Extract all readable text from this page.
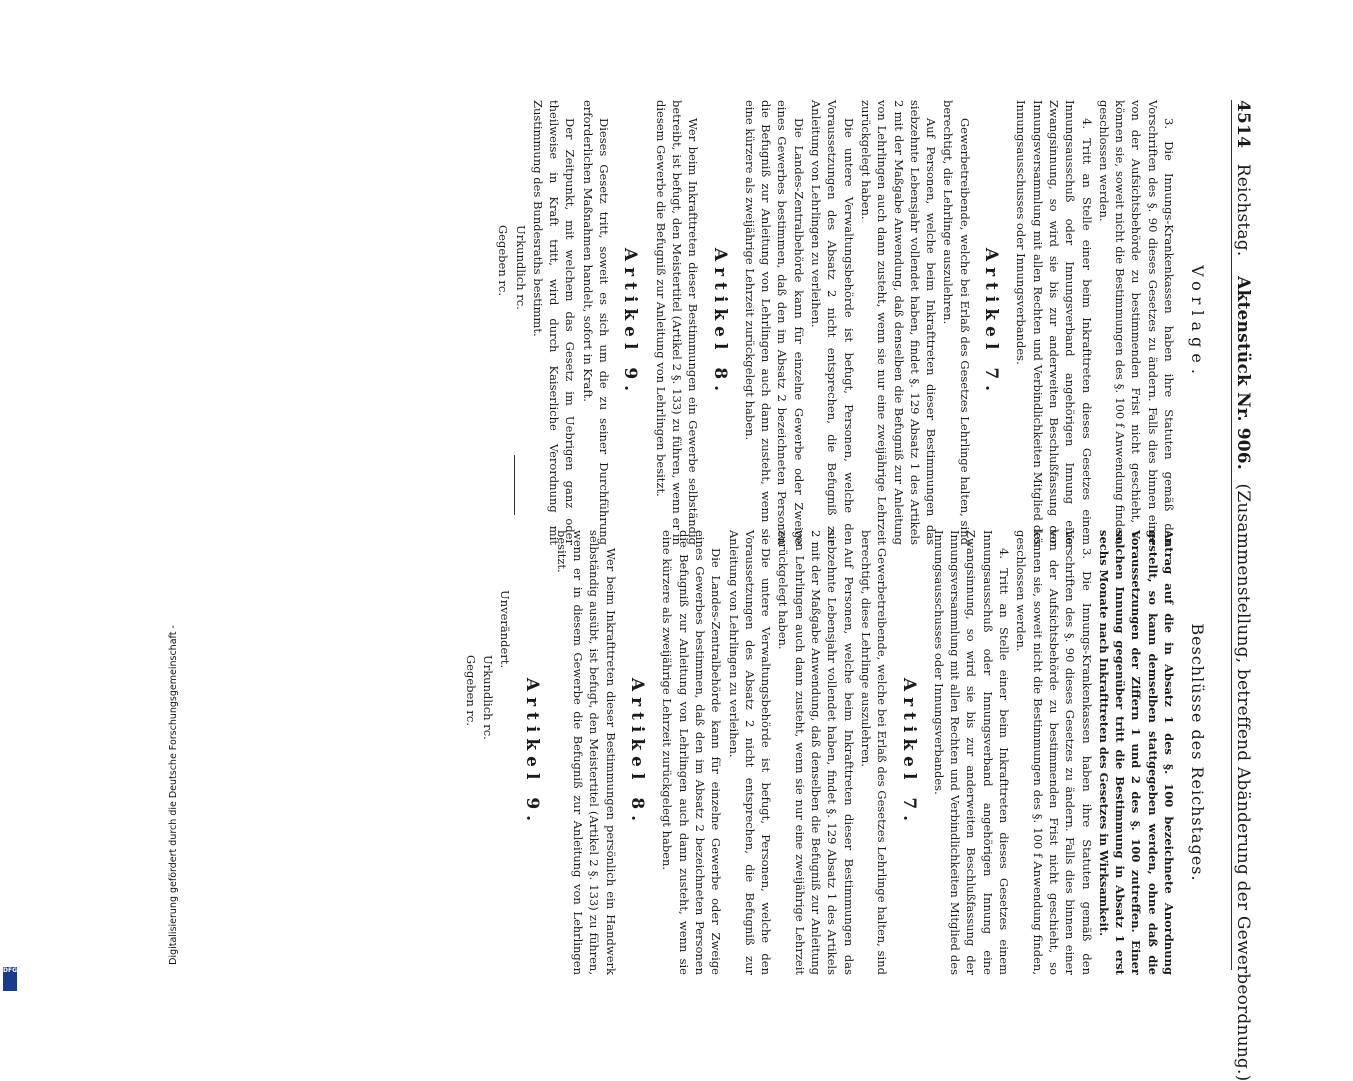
4514 Reichstag. Aktenstück Nr. 906. (Zusammenstellung, betreffend Abänderung der Gewerbeordnung.)
Vorlage.

3. Die Innungs-Krankenkassen haben ihre Statuten gemäß den Vorschriften des §. 90 dieses Gesetzes zu ändern. Falls dies binnen einer von der Aufsichtsbehörde zu bestimmenden Frist nicht geschieht, so können sie, soweit nicht die Bestimmungen des §. 100 f Anwendung finden, geschlossen werden.

4. Tritt an Stelle einer beim Inkrafttreten dieses Gesetzes einem Innungsausschuß oder Innungsverband angehörigen Innung eine Zwangsinnung, so wird sie bis zur anderweiten Beschlußfassung der Innungsversammlung mit allen Rechten und Verbindlichkeiten Mitglied des Innungsausschusses oder Innungsverbandes.

Artikel 7.

Gewerbetreibende, welche bei Erlaß des Gesetzes Lehrlinge halten, sind berechtigt, die Lehrlinge auszulehren.

Auf Personen, welche beim Inkrafttreten dieser Bestimmungen das siebzehnte Lebensjahr vollendet haben, findet §. 129 Absatz 1 des Artikels 2 mit der Maßgabe Anwendung, daß denselben die Befugniß zur Anleitung von Lehrlingen auch dann zusteht, wenn sie nur eine zweijährige Lehrzeit zurückgelegt haben.

Die untere Verwaltungsbehörde ist befugt, Personen, welche den Voraussetzungen des Absatz 2 nicht entsprechen, die Befugniß zur Anleitung von Lehrlingen zu verleihen.

Die Landes-Zentralbehörde kann für einzelne Gewerbe oder Zweige eines Gewerbes bestimmen, daß den im Absatz 2 bezeichneten Personen die Befugniß zur Anleitung von Lehrlingen auch dann zusteht, wenn sie eine kürzere als zweijährige Lehrzeit zurückgelegt haben.

Artikel 8.

Wer beim Inkrafttreten dieser Bestimmungen ein Gewerbe selbständig betreibt, ist befugt, den Meistertitel (Artikel 2 §. 133) zu führen, wenn er in diesem Gewerbe die Befugniß zur Anleitung von Lehrlingen besitzt.

Artikel 9.

Dieses Gesetz tritt, soweit es sich um die zu seiner Durchführung erforderlichen Maßnahmen handelt, sofort in Kraft.

Der Zeitpunkt, mit welchem das Gesetz im Uebrigen ganz oder theilweise in Kraft tritt, wird durch Kaiserliche Verordnung mit Zustimmung des Bundesraths bestimmt.

Urkundlich rc.

Gegeben rc.

Beschlüsse des Reichstages.

Antrag auf die in Absatz 1 des §. 100 bezeichnete Anordnung gestellt, so kann demselben stattgegeben werden, ohne daß die Voraussetzungen der Ziffern 1 und 2 des §. 100 zutreffen. Einer solchen Innung gegenüber tritt die Bestimmung in Absatz 1 erst sechs Monate nach Inkrafttreten des Gesetzes in Wirksamkeit.

3. Die Innungs-Krankenkassen haben ihre Statuten gemäß den Vorschriften des §. 90 dieses Gesetzes zu ändern. Falls dies binnen einer von der Aufsichtsbehörde zu bestimmenden Frist nicht geschieht, so können sie, soweit nicht die Bestimmungen des §. 100 f Anwendung finden, geschlossen werden.

4. Tritt an Stelle einer beim Inkrafttreten dieses Gesetzes einem Innungsausschuß oder Innungsverband angehörigen Innung eine Zwangsinnung, so wird sie bis zur anderweiten Beschlußfassung der Innungsversammlung mit allen Rechten und Verbindlichkeiten Mitglied des Innungsausschusses oder Innungsverbandes.

Artikel 7.

Gewerbetreibende, welche bei Erlaß des Gesetzes Lehrlinge halten, sind berechtigt, diese Lehrlinge auszulehren.

Auf Personen, welche beim Inkrafttreten dieser Bestimmungen das siebzehnte Lebensjahr vollendet haben, findet §. 129 Absatz 1 des Artikels 2 mit der Maßgabe Anwendung, daß denselben die Befugniß zur Anleitung von Lehrlingen auch dann zusteht, wenn sie nur eine zweijährige Lehrzeit zurückgelegt haben.

Die untere Verwaltungsbehörde ist befugt, Personen, welche den Voraussetzungen des Absatz 2 nicht entsprechen, die Befugniß zur Anleitung von Lehrlingen zu verleihen.

Die Landes-Zentralbehörde kann für einzelne Gewerbe oder Zweige eines Gewerbes bestimmen, daß den im Absatz 2 bezeichneten Personen die Befugniß zur Anleitung von Lehrlingen auch dann zusteht, wenn sie eine kürzere als zweijährige Lehrzeit zurückgelegt haben.

Artikel 8.

Wer beim Inkrafttreten dieser Bestimmungen persönlich ein Handwerk selbständig ausübt, ist befugt, den Meistertitel (Artikel 2 §. 133) zu führen, wenn er in diesem Gewerbe die Befugniß zur Anleitung von Lehrlingen besitzt.

Artikel 9.

Unverändert.

Urkundlich rc.

Gegeben rc.

Digitalisierung gefördert durch die Deutsche Forschungsgemeinschaft -
DFG
